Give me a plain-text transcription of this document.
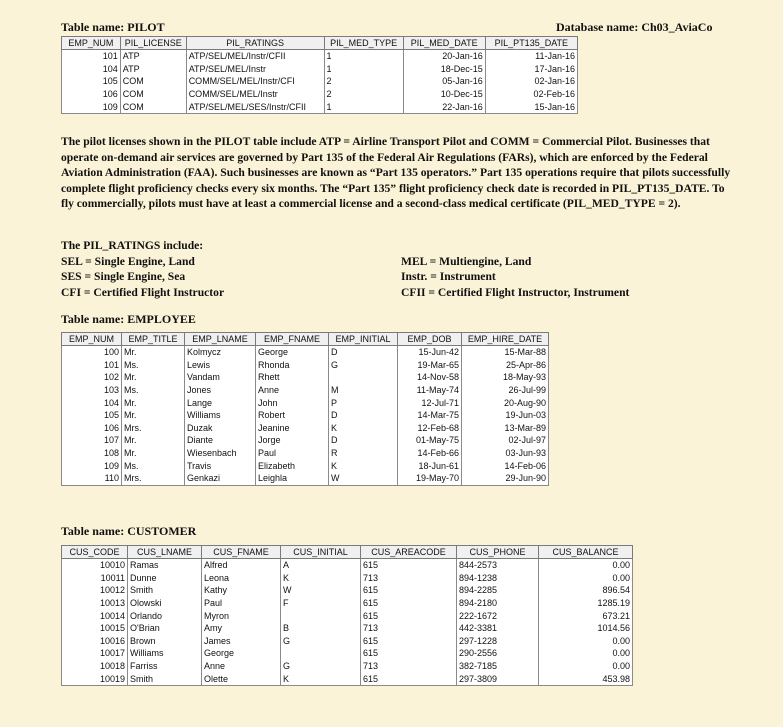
Table name: PILOT	Database name: Ch03_AviaCo
EMP_NUM	PIL_LICENSE	PIL_RATINGS	PIL_MED_TYPE	PIL_MED_DATE	PIL_PT135_DATE
101	ATP	ATP/SEL/MEL/Instr/CFII	1	20-Jan-16	11-Jan-16
104	ATP	ATP/SEL/MEL/Instr	1	18-Dec-15	17-Jan-16
105	COM	COMM/SEL/MEL/Instr/CFI	2	05-Jan-16	02-Jan-16
106	COM	COMM/SEL/MEL/Instr	2	10-Dec-15	02-Feb-16
109	COM	ATP/SEL/MEL/SES/Instr/CFII	1	22-Jan-16	15-Jan-16

The pilot licenses shown in the PILOT table include ATP = Airline Transport Pilot and COMM = Commercial Pilot. Businesses that operate on-demand air services are governed by Part 135 of the Federal Air Regulations (FARs), which are enforced by the Federal Aviation Administration (FAA). Such businesses are known as “Part 135 operators.” Part 135 operations require that pilots successfully complete flight proficiency checks every six months. The “Part 135” flight proficiency check date is recorded in PIL_PT135_DATE. To fly commercially, pilots must have at least a commercial license and a second-class medical certificate (PIL_MED_TYPE = 2).

The PIL_RATINGS include:
SEL = Single Engine, Land
SES = Single Engine, Sea
CFI = Certified Flight Instructor
MEL = Multiengine, Land
Instr. = Instrument
CFII = Certified Flight Instructor, Instrument
Table name: EMPLOYEE
EMP_NUM	EMP_TITLE	EMP_LNAME	EMP_FNAME	EMP_INITIAL	EMP_DOB	EMP_HIRE_DATE
100	Mr.	Kolmycz	George	D	15-Jun-42	15-Mar-88
101	Ms.	Lewis	Rhonda	G	19-Mar-65	25-Apr-86
102	Mr.	Vandam	Rhett		14-Nov-58	18-May-93
103	Ms.	Jones	Anne	M	11-May-74	26-Jul-99
104	Mr.	Lange	John	P	12-Jul-71	20-Aug-90
105	Mr.	Williams	Robert	D	14-Mar-75	19-Jun-03
106	Mrs.	Duzak	Jeanine	K	12-Feb-68	13-Mar-89
107	Mr.	Diante	Jorge	D	01-May-75	02-Jul-97
108	Mr.	Wiesenbach	Paul	R	14-Feb-66	03-Jun-93
109	Ms.	Travis	Elizabeth	K	18-Jun-61	14-Feb-06
110	Mrs.	Genkazi	Leighla	W	19-May-70	29-Jun-90
Table name: CUSTOMER
CUS_CODE	CUS_LNAME	CUS_FNAME	CUS_INITIAL	CUS_AREACODE	CUS_PHONE	CUS_BALANCE
10010	Ramas	Alfred	A	615	844-2573	0.00
10011	Dunne	Leona	K	713	894-1238	0.00
10012	Smith	Kathy	W	615	894-2285	896.54
10013	Olowski	Paul	F	615	894-2180	1285.19
10014	Orlando	Myron		615	222-1672	673.21
10015	O'Brian	Amy	B	713	442-3381	1014.56
10016	Brown	James	G	615	297-1228	0.00
10017	Williams	George		615	290-2556	0.00
10018	Farriss	Anne	G	713	382-7185	0.00
10019	Smith	Olette	K	615	297-3809	453.98
